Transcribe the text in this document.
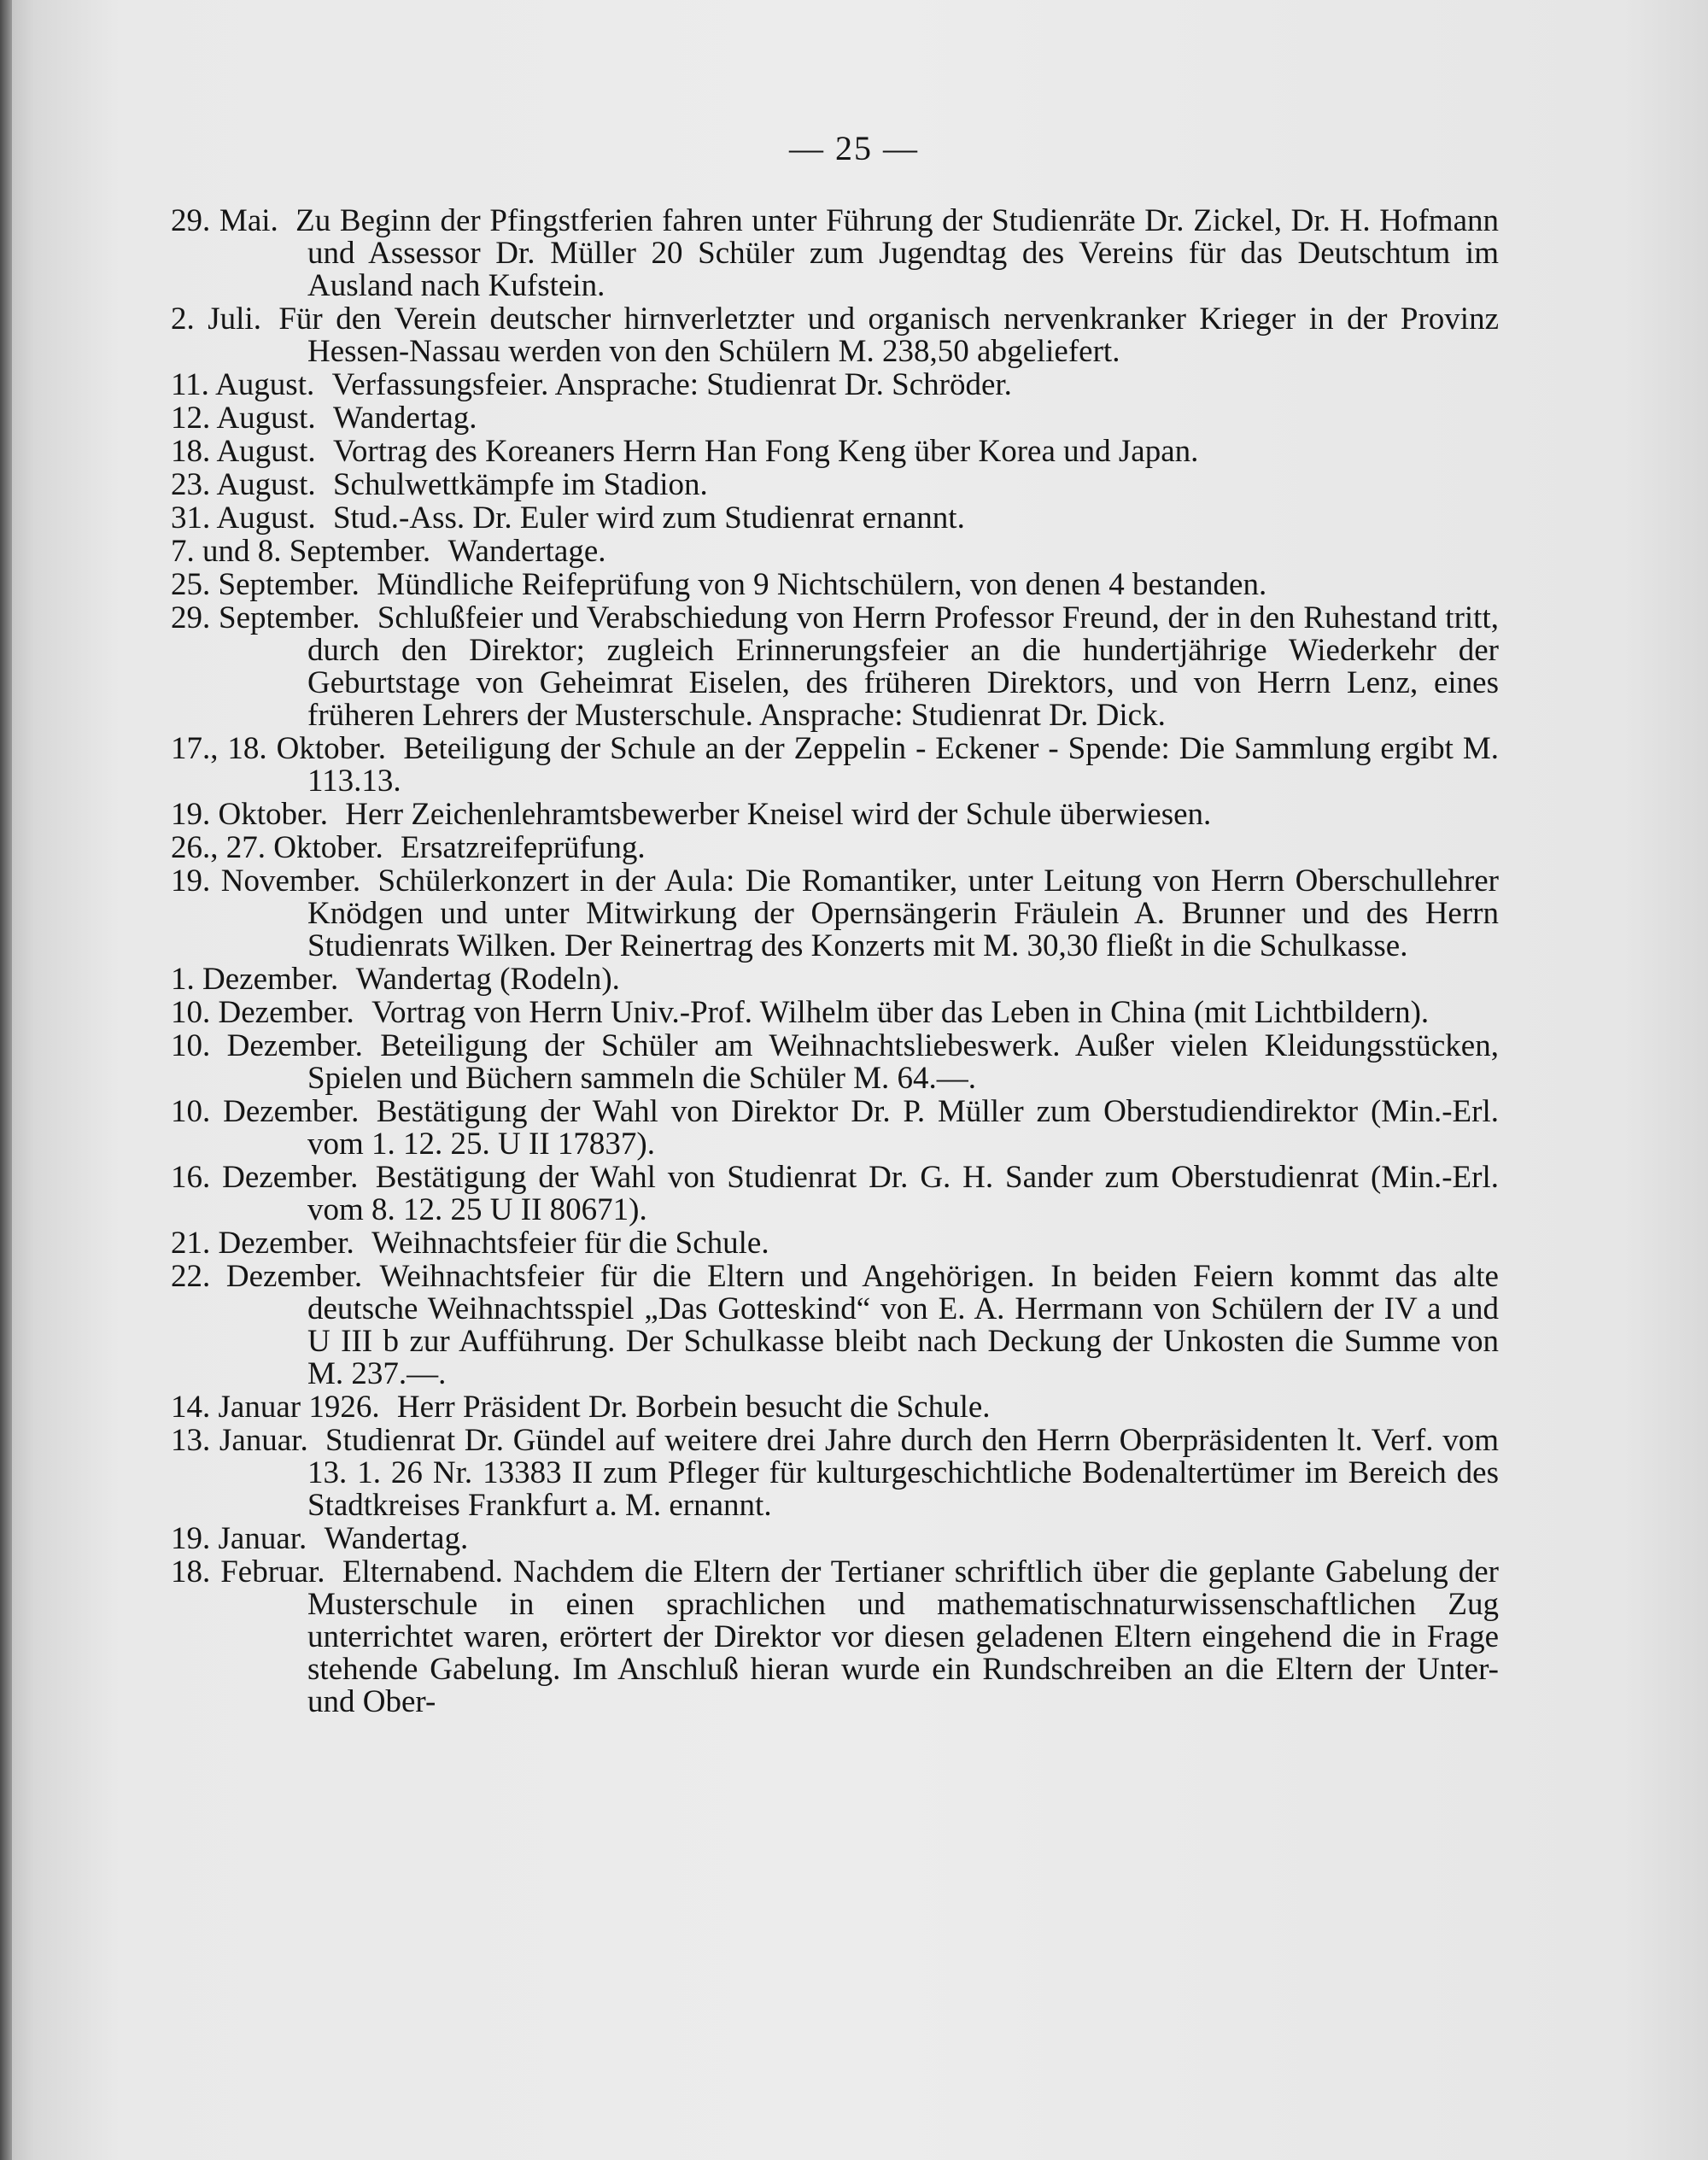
— 25 —

29. Mai. Zu Beginn der Pfingstferien fahren unter Führung der Studienräte Dr. Zickel, Dr. H. Hofmann und Assessor Dr. Müller 20 Schüler zum Jugendtag des Vereins für das Deutschtum im Ausland nach Kufstein.

2. Juli. Für den Verein deutscher hirnverletzter und organisch nervenkranker Krieger in der Provinz Hessen-Nassau werden von den Schülern M. 238,50 abgeliefert.

11. August. Verfassungsfeier. Ansprache: Studienrat Dr. Schröder.

12. August. Wandertag.

18. August. Vortrag des Koreaners Herrn Han Fong Keng über Korea und Japan.

23. August. Schulwettkämpfe im Stadion.

31. August. Stud.-Ass. Dr. Euler wird zum Studienrat ernannt.

7. und 8. September. Wandertage.

25. September. Mündliche Reifeprüfung von 9 Nichtschülern, von denen 4 bestanden.

29. September. Schlußfeier und Verabschiedung von Herrn Professor Freund, der in den Ruhestand tritt, durch den Direktor; zugleich Erinnerungsfeier an die hundertjährige Wiederkehr der Geburtstage von Geheimrat Eiselen, des früheren Direktors, und von Herrn Lenz, eines früheren Lehrers der Musterschule. Ansprache: Studienrat Dr. Dick.

17., 18. Oktober. Beteiligung der Schule an der Zeppelin - Eckener - Spende: Die Sammlung ergibt M. 113.13.

19. Oktober. Herr Zeichenlehramtsbewerber Kneisel wird der Schule überwiesen.

26., 27. Oktober. Ersatzreifeprüfung.

19. November. Schülerkonzert in der Aula: Die Romantiker, unter Leitung von Herrn Oberschullehrer Knödgen und unter Mitwirkung der Opernsängerin Fräulein A. Brunner und des Herrn Studienrats Wilken. Der Reinertrag des Konzerts mit M. 30,30 fließt in die Schulkasse.

1. Dezember. Wandertag (Rodeln).

10. Dezember. Vortrag von Herrn Univ.-Prof. Wilhelm über das Leben in China (mit Lichtbildern).

10. Dezember. Beteiligung der Schüler am Weihnachtsliebeswerk. Außer vielen Kleidungsstücken, Spielen und Büchern sammeln die Schüler M. 64.—.

10. Dezember. Bestätigung der Wahl von Direktor Dr. P. Müller zum Oberstudiendirektor (Min.-Erl. vom 1. 12. 25. U II 17837).

16. Dezember. Bestätigung der Wahl von Studienrat Dr. G. H. Sander zum Oberstudienrat (Min.-Erl. vom 8. 12. 25 U II 80671).

21. Dezember. Weihnachtsfeier für die Schule.

22. Dezember. Weihnachtsfeier für die Eltern und Angehörigen. In beiden Feiern kommt das alte deutsche Weihnachtsspiel „Das Gotteskind“ von E. A. Herrmann von Schülern der IV a und U III b zur Aufführung. Der Schulkasse bleibt nach Deckung der Unkosten die Summe von M. 237.—.

14. Januar 1926. Herr Präsident Dr. Borbein besucht die Schule.

13. Januar. Studienrat Dr. Gündel auf weitere drei Jahre durch den Herrn Oberpräsidenten lt. Verf. vom 13. 1. 26 Nr. 13383 II zum Pfleger für kulturgeschichtliche Bodenaltertümer im Bereich des Stadtkreises Frankfurt a. M. ernannt.

19. Januar. Wandertag.

18. Februar. Elternabend. Nachdem die Eltern der Tertianer schriftlich über die geplante Gabelung der Musterschule in einen sprachlichen und mathematischnaturwissenschaftlichen Zug unterrichtet waren, erörtert der Direktor vor diesen geladenen Eltern eingehend die in Frage stehende Gabelung. Im Anschluß hieran wurde ein Rundschreiben an die Eltern der Unter- und Ober-
